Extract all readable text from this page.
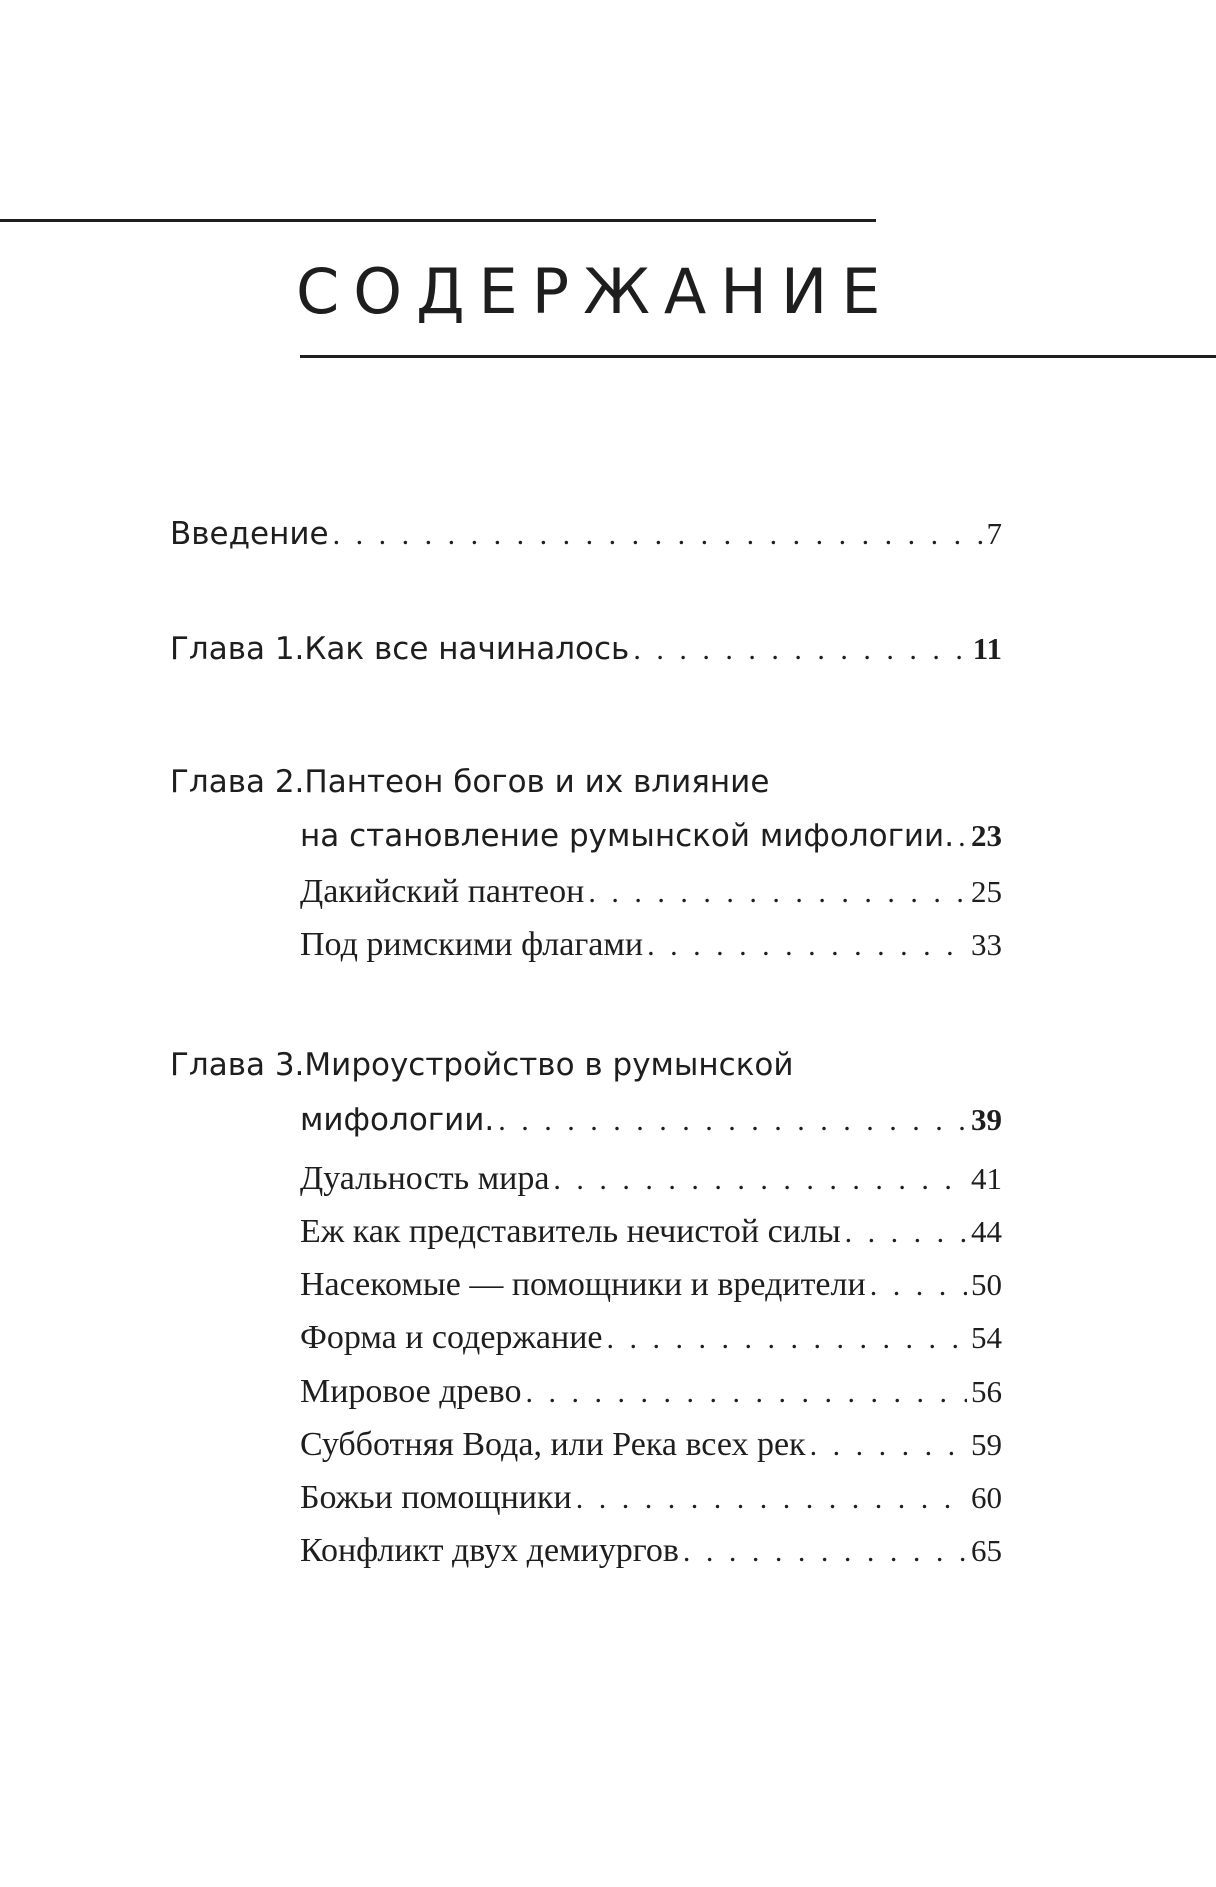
СОДЕРЖАНИЕ
Введение . . .	7
Глава 1. Как все начиналось . . .	11
Глава 2. Пантеон богов и их влияние
на становление румынской мифологии. . . . 23
Дакийский пантеон . . .	25
Под римскими флагами . . .	33
Глава 3. Мироустройство в румынской
мифологии. . . .	39
Дуальность мира . . .	41
Еж как представитель нечистой силы . . .	44
Насекомые — помощники и вредители . . .	50
Форма и содержание . . .	54
Мировое древо . . .	56
Субботняя Вода, или Река всех рек . . .	59
Божьи помощники . . .	60
Конфликт двух демиургов . . .	65
